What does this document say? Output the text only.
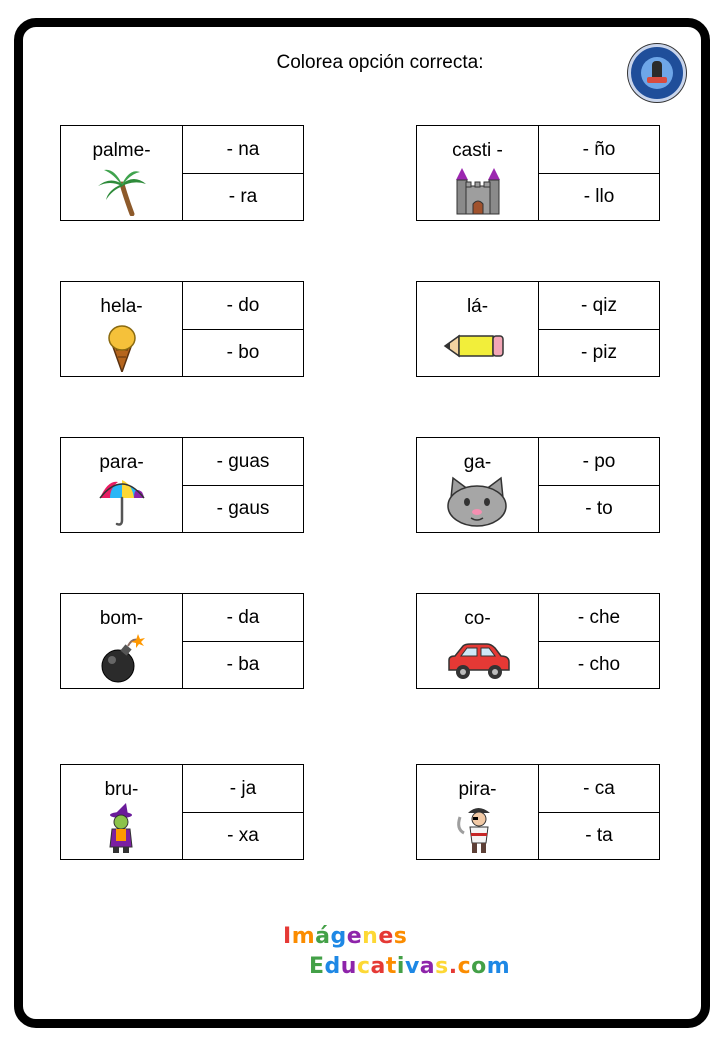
Colorea opción correcta:
palme-	- na
- ra
casti -	- ño
- llo
hela-	- do
- bo
lá-	- qiz
- piz
para-	- guas
- gaus
ga-	- po
- to
bom-	- da
- ba
co-	- che
- cho
bru-	- ja
- xa
pira-	- ca
- ta
Imágenes
Educativas.com
